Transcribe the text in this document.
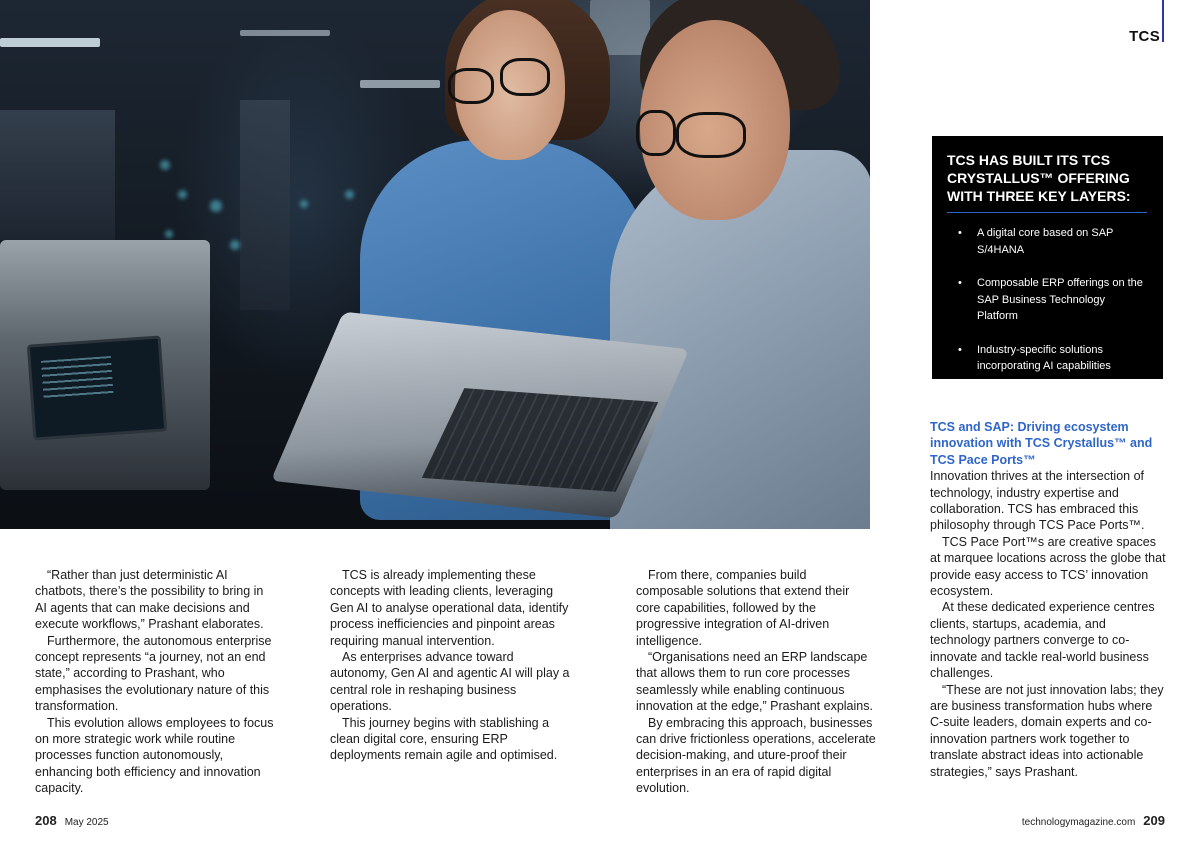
TCS

TCS HAS BUILT ITS TCS CRYSTALLUS™ OFFERING WITH THREE KEY LAYERS:

• A digital core based on SAP S/4HANA
• Composable ERP offerings on the SAP Business Technology Platform
• Industry-specific solutions incorporating AI capabilities

“Rather than just deterministic AI chatbots, there’s the possibility to bring in AI agents that can make decisions and execute workflows,” Prashant elaborates.

Furthermore, the autonomous enterprise concept represents “a journey, not an end state,” according to Prashant, who emphasises the evolutionary nature of this transformation.

This evolution allows employees to focus on more strategic work while routine processes function autonomously, enhancing both efficiency and innovation capacity.

TCS is already implementing these concepts with leading clients, leveraging Gen AI to analyse operational data, identify process inefficiencies and pinpoint areas requiring manual intervention.

As enterprises advance toward autonomy, Gen AI and agentic AI will play a central role in reshaping business operations.

This journey begins with stablishing a clean digital core, ensuring ERP deployments remain agile and optimised.

From there, companies build composable solutions that extend their core capabilities, followed by the progressive integration of AI-driven intelligence.

“Organisations need an ERP landscape that allows them to run core processes seamlessly while enabling continuous innovation at the edge,” Prashant explains.

By embracing this approach, businesses can drive frictionless operations, accelerate decision-making, and uture-proof their enterprises in an era of rapid digital evolution.

TCS and SAP: Driving ecosystem innovation with TCS Crystallus™ and TCS Pace Ports™

Innovation thrives at the intersection of technology, industry expertise and collaboration. TCS has embraced this philosophy through TCS Pace Ports™.

TCS Pace Port™s are creative spaces at marquee locations across the globe that provide easy access to TCS’ innovation ecosystem.

At these dedicated experience centres clients, startups, academia, and technology partners converge to co-innovate and tackle real-world business challenges.

“These are not just innovation labs; they are business transformation hubs where C-suite leaders, domain experts and co-innovation partners work together to translate abstract ideas into actionable strategies,” says Prashant.

208 May 2025	technologymagazine.com 209
